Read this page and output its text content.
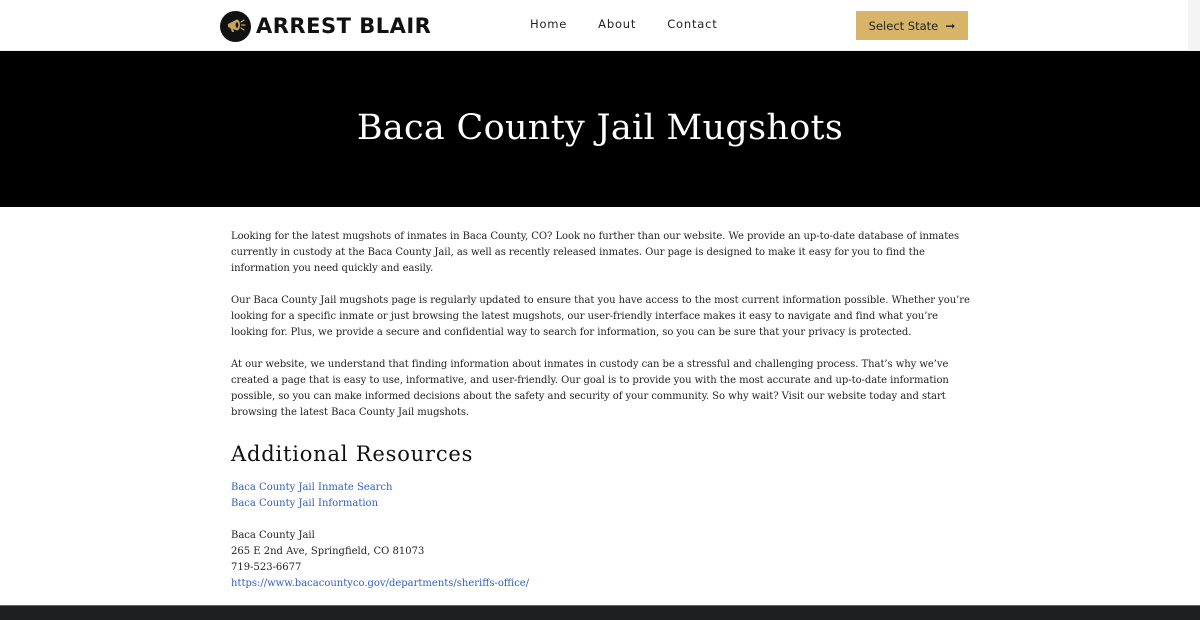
ARREST BLAIR	Home	About	Contact	Select State ➞
Baca County Jail Mugshots

Looking for the latest mugshots of inmates in Baca County, CO? Look no further than our website. We provide an up-to-date database of inmates currently in custody at the Baca County Jail, as well as recently released inmates. Our page is designed to make it easy for you to find the information you need quickly and easily.

Our Baca County Jail mugshots page is regularly updated to ensure that you have access to the most current information possible. Whether you’re looking for a specific inmate or just browsing the latest mugshots, our user-friendly interface makes it easy to navigate and find what you’re looking for. Plus, we provide a secure and confidential way to search for information, so you can be sure that your privacy is protected.

At our website, we understand that finding information about inmates in custody can be a stressful and challenging process. That’s why we’ve created a page that is easy to use, informative, and user-friendly. Our goal is to provide you with the most accurate and up-to-date information possible, so you can make informed decisions about the safety and security of your community. So why wait? Visit our website today and start browsing the latest Baca County Jail mugshots.

Additional Resources
Baca County Jail Inmate Search
Baca County Jail Information
Baca County Jail
265 E 2nd Ave, Springfield, CO 81073
719-523-6677
https://www.bacacountyco.gov/departments/sheriffs-office/
